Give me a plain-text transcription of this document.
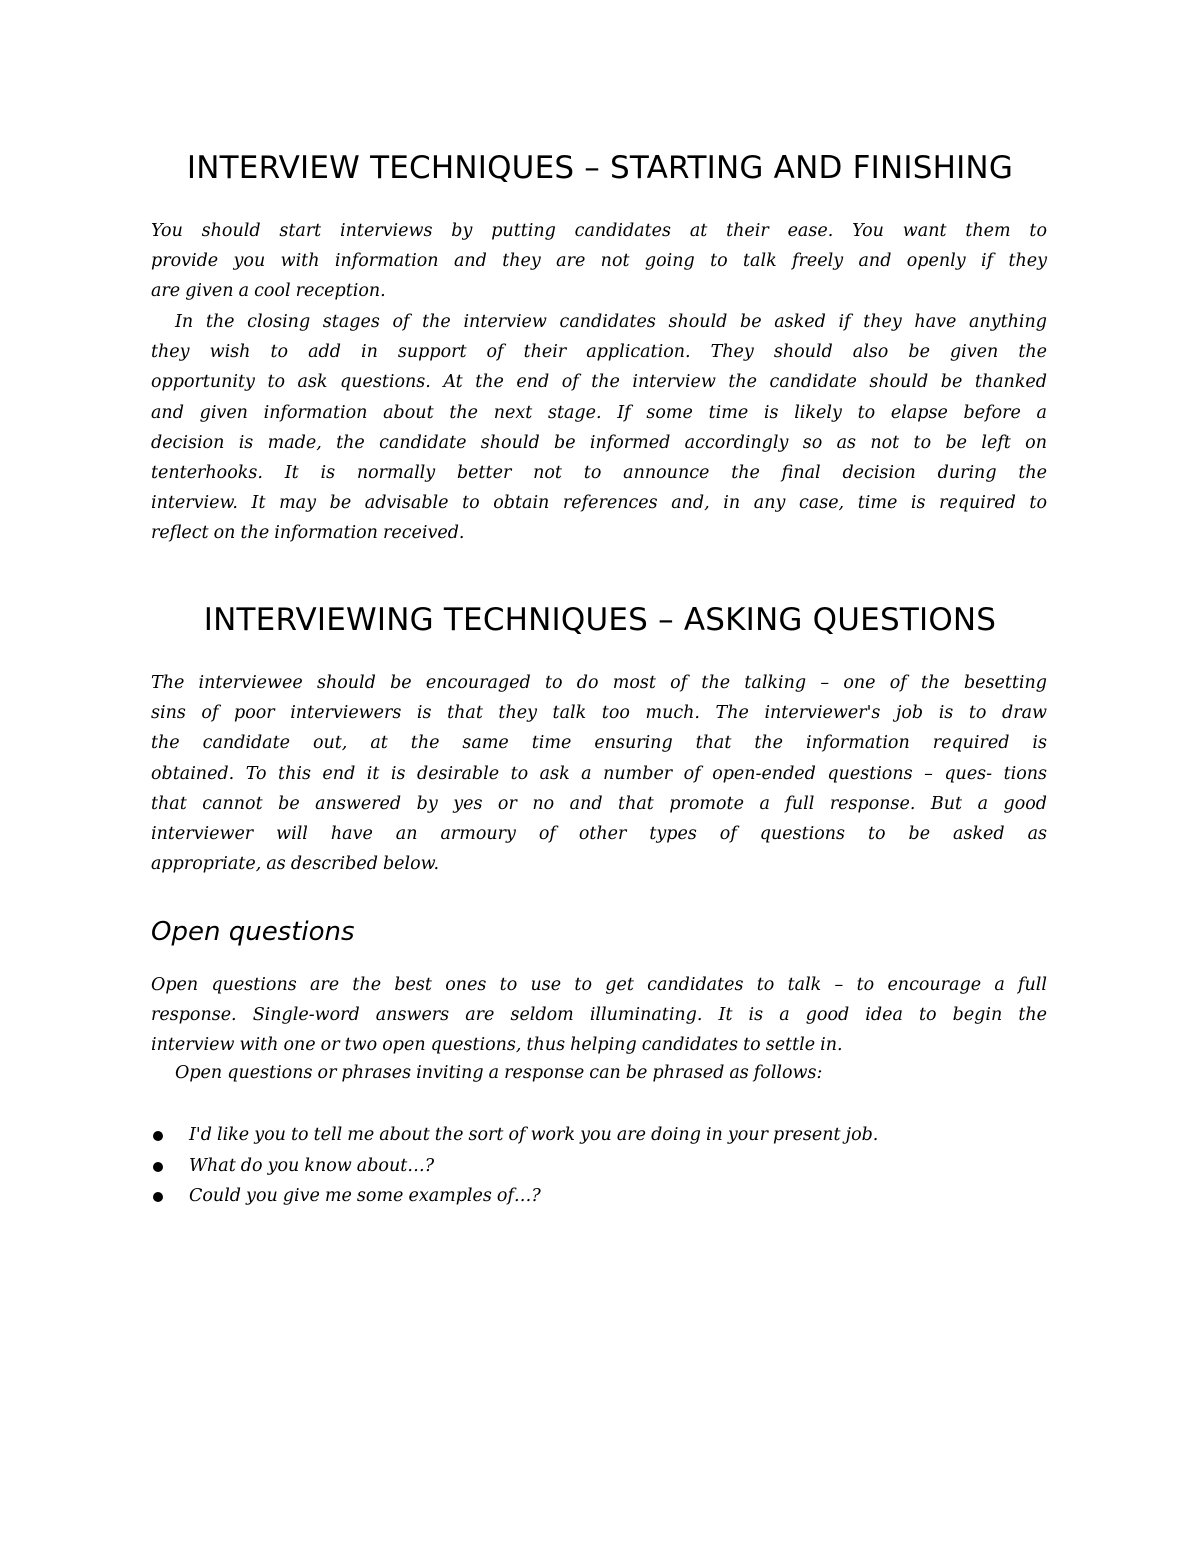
INTERVIEW TECHNIQUES – STARTING AND FINISHING

You should start interviews by putting candidates at their ease. You want them to
provide you with information and they are not going to talk freely and openly if they
are given a cool reception.

In the closing stages of the interview candidates should be asked if they have anything
they wish to add in support of their application. They should also be given the
opportunity to ask questions. At the end of the interview the candidate should be thanked
and given information about the next stage. If some time is likely to elapse before a
decision is made, the candidate should be informed accordingly so as not to be left on
tenterhooks. It is normally better not to announce the final decision during the
interview. It may be advisable to obtain references and, in any case, time is required to
reflect on the information received.

INTERVIEWING TECHNIQUES – ASKING QUESTIONS

The interviewee should be encouraged to do most of the talking – one of the besetting
sins of poor interviewers is that they talk too much. The interviewer's job is to draw
the candidate out, at the same time ensuring that the information required is
obtained. To this end it is desirable to ask a number of open-ended questions – ques- tions
that cannot be answered by yes or no and that promote a full response. But a good
interviewer will have an armoury of other types of questions to be asked as
appropriate, as described below.

Open questions

Open questions are the best ones to use to get candidates to talk – to encourage a full
response. Single-word answers are seldom illuminating. It is a good idea to begin the
interview with one or two open questions, thus helping candidates to settle in.

Open questions or phrases inviting a response can be phrased as follows:

I'd like you to tell me about the sort of work you are doing in your present job.
What do you know about…?
Could you give me some examples of…?
